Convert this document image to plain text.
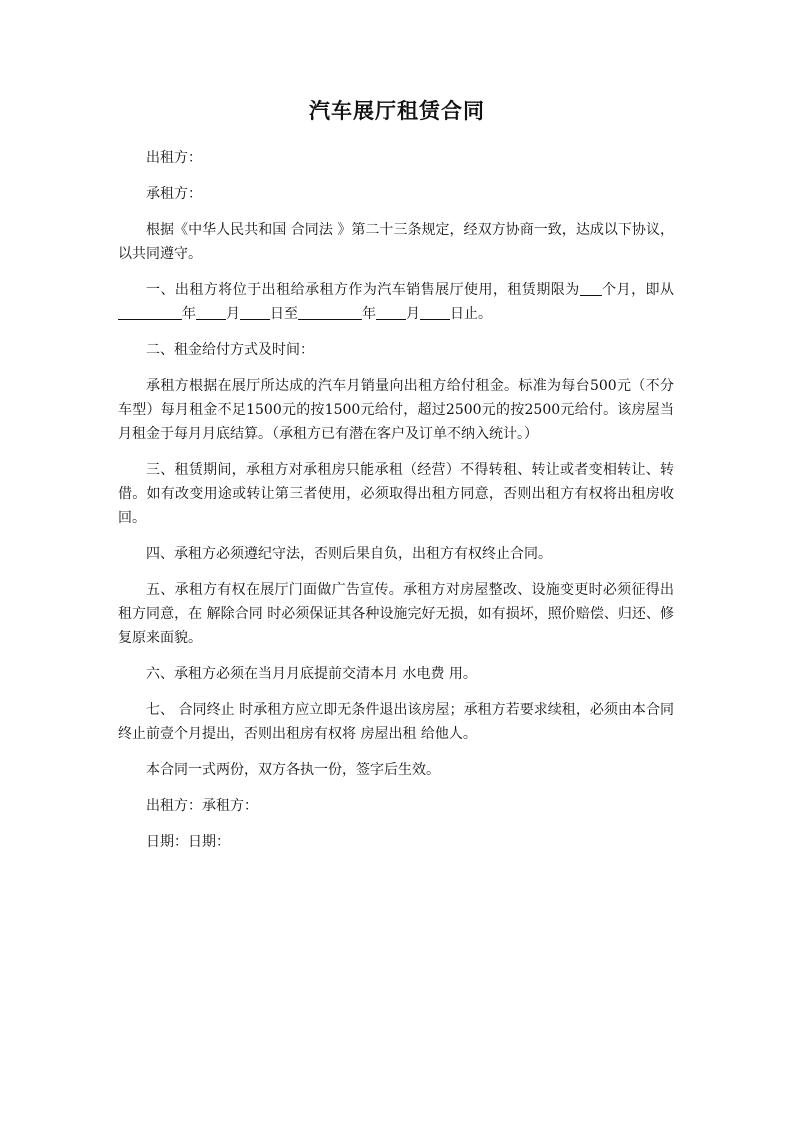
汽车展厅租赁合同

出租方：

承租方：

根据《中华人民共和国 合同法 》第二十三条规定，经双方协商一致，达成以下协议，以共同遵守。

一、出租方将位于出租给承租方作为汽车销售展厅使用，租赁期限为 个月，即从年 月 日至	年 月 日止。

二、租金给付方式及时间：

承租方根据在展厅所达成的汽车月销量向出租方给付租金。标准为每台500元（不分车型）每月租金不足1500元的按1500元给付，超过2500元的按2500元给付。该房屋当月租金于每月月底结算。（承租方已有潜在客户及订单不纳入统计。）

三、租赁期间，承租方对承租房只能承租（经营）不得转租、转让或者变相转让、转借。如有改变用途或转让第三者使用，必须取得出租方同意，否则出租方有权将出租房收回。

四、承租方必须遵纪守法，否则后果自负，出租方有权终止合同。

五、承租方有权在展厅门面做广告宣传。承租方对房屋整改、设施变更时必须征得出租方同意，在 解除合同 时必须保证其各种设施完好无损，如有损坏，照价赔偿、归还、修复原来面貌。

六、承租方必须在当月月底提前交清本月 水电费 用。

七、 合同终止 时承租方应立即无条件退出该房屋；承租方若要求续租，必须由本合同终止前壹个月提出，否则出租房有权将 房屋出租 给他人。

本合同一式两份，双方各执一份，签字后生效。

出租方：承租方：

日期：日期：
